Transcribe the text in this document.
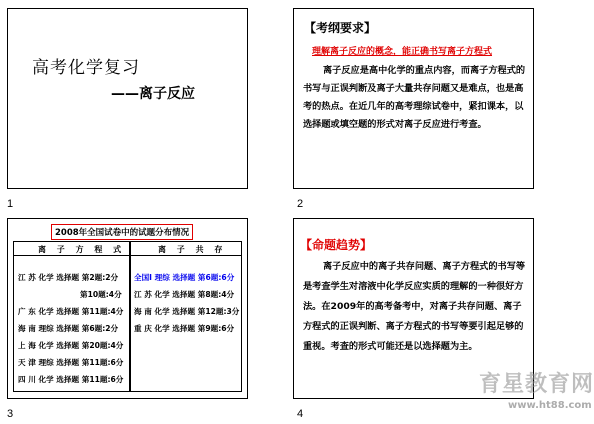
高考化学复习
——离子反应
1
【考纲要求】
理解离子反应的概念，能正确书写离子方程式
离子反应是高中化学的重点内容，而离子方程式的书写与正误判断及离子大量共存问题又是难点，也是高考的热点。在近几年的高考理综试卷中，紧扣课本，以选择题或填空题的形式对离子反应进行考查。
2
2008年全国试卷中的试题分布情况
离 子 方 程 式	离 子 共 存
江 苏 化学 选择题 第2题:2分
第10题:4分
广 东 化学 选择题 第11题:4分
海 南 理综 选择题 第6题:2分
上 海 化学 选择题 第20题:4分
天 津 理综 选择题 第11题:6分
四 川 化学 选择题 第11题:6分
全国Ⅰ 理综 选择题 第6题:6分
江 苏 化学 选择题 第8题:4分
海 南 化学 选择题 第12题:3分
重 庆 化学 选择题 第9题:6分
3
【命题趋势】
离子反应中的离子共存问题、离子方程式的书写等是考查学生对溶液中化学反应实质的理解的一种很好方法。在2009年的高考备考中，对离子共存问题、离子方程式的正误判断、离子方程式的书写等要引起足够的重视。考查的形式可能还是以选择题为主。
育星教育网
www.ht88.com
4
